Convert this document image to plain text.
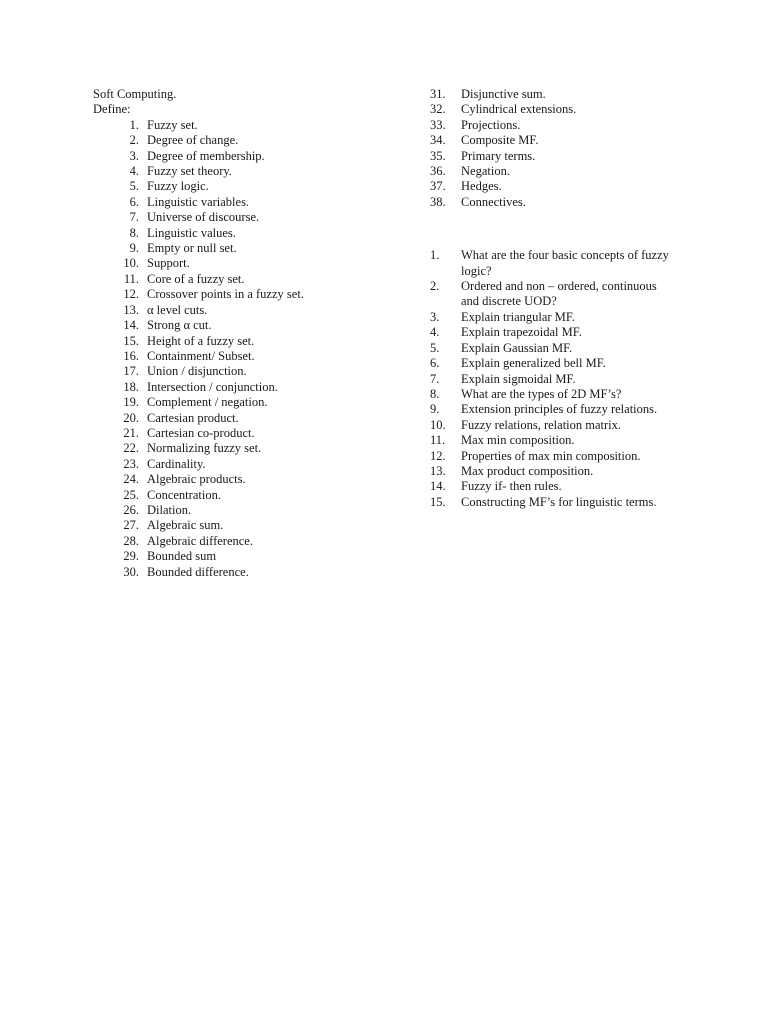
Soft Computing.
Define:
1. Fuzzy set.
2. Degree of change.
3. Degree of membership.
4. Fuzzy set theory.
5. Fuzzy logic.
6. Linguistic variables.
7. Universe of discourse.
8. Linguistic values.
9. Empty or null set.
10. Support.
11. Core of a fuzzy set.
12. Crossover points in a fuzzy set.
13. α level cuts.
14. Strong α cut.
15. Height of a fuzzy set.
16. Containment/ Subset.
17. Union / disjunction.
18. Intersection / conjunction.
19. Complement / negation.
20. Cartesian product.
21. Cartesian co-product.
22. Normalizing fuzzy set.
23. Cardinality.
24. Algebraic products.
25. Concentration.
26. Dilation.
27. Algebraic sum.
28. Algebraic difference.
29. Bounded sum
30. Bounded difference.
31.	Disjunctive sum.
32.	Cylindrical extensions.
33.	Projections.
34.	Composite MF.
35.	Primary terms.
36.	Negation.
37.	Hedges.
38.	Connectives.
1.	What are the four basic concepts of fuzzy logic?
2.	Ordered and non – ordered, continuous and discrete UOD?
3.	Explain triangular MF.
4.	Explain trapezoidal MF.
5.	Explain Gaussian MF.
6.	Explain generalized bell MF.
7.	Explain sigmoidal MF.
8.	What are the types of 2D MF’s?
9.	Extension principles of fuzzy relations.
10.	Fuzzy relations, relation matrix.
11.	Max min composition.
12.	Properties of max min composition.
13.	Max product composition.
14.	Fuzzy if- then rules.
15.	Constructing MF’s for linguistic terms.
